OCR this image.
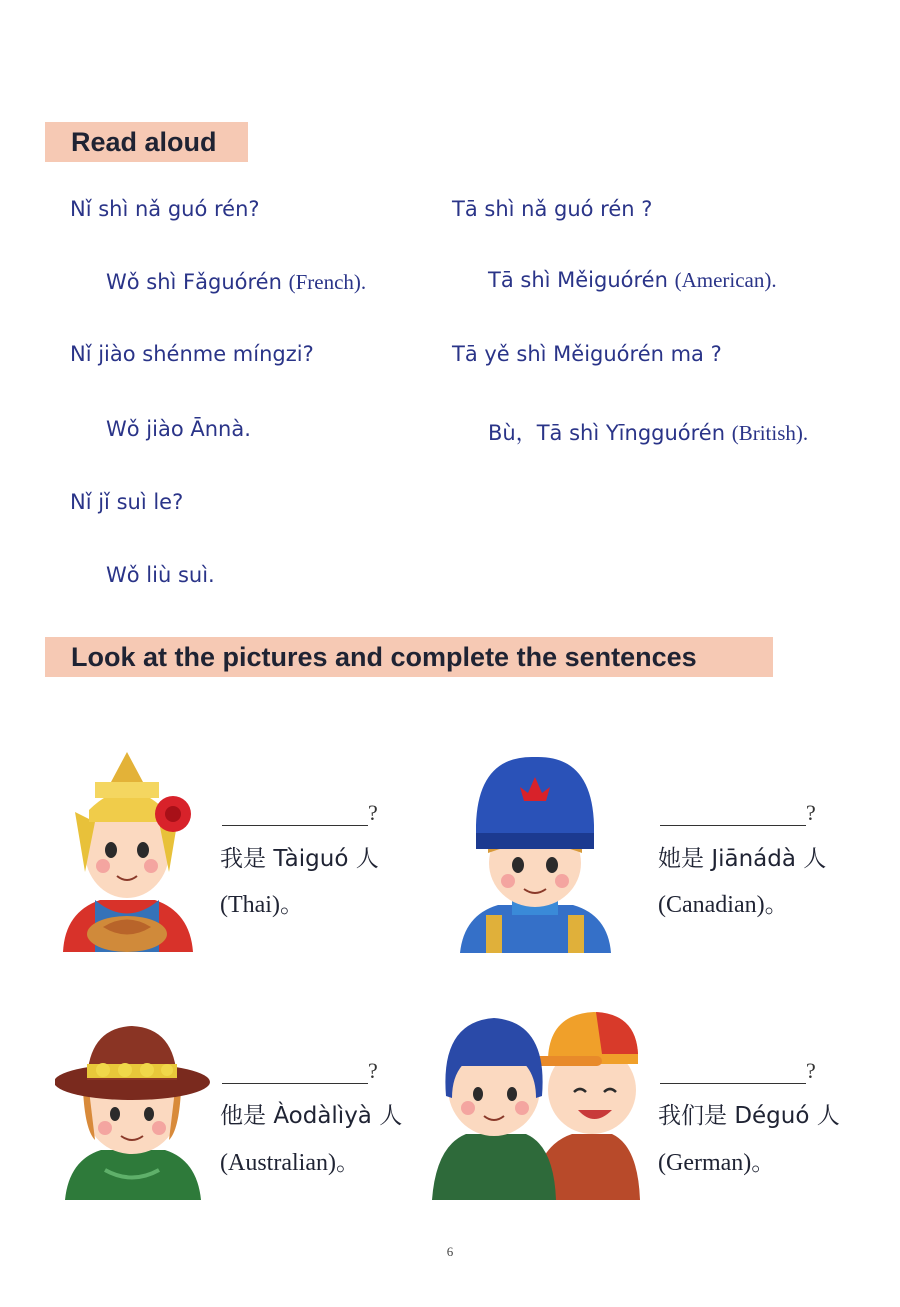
Read aloud
Look at the pictures and complete the sentences
Nǐ shì nǎ guó rén?
Wǒ shì Fǎguórén (French).
Nǐ jiào shénme míngzi?
Wǒ jiào Ānnà.
Nǐ jǐ suì le?
Wǒ liù suì.
Tā shì nǎ guó rén ?
Tā shì Měiguórén (American).
Tā yě shì Měiguórén ma ?
Bù，Tā shì Yīngguórén (British).
?
我是 Tàiguó 人
(Thai)。
?
她是 Jiānádà 人
(Canadian)。
?
他是 Àodàlìyà 人
(Australian)。
?
我们是 Déguó 人
(German)。
6
